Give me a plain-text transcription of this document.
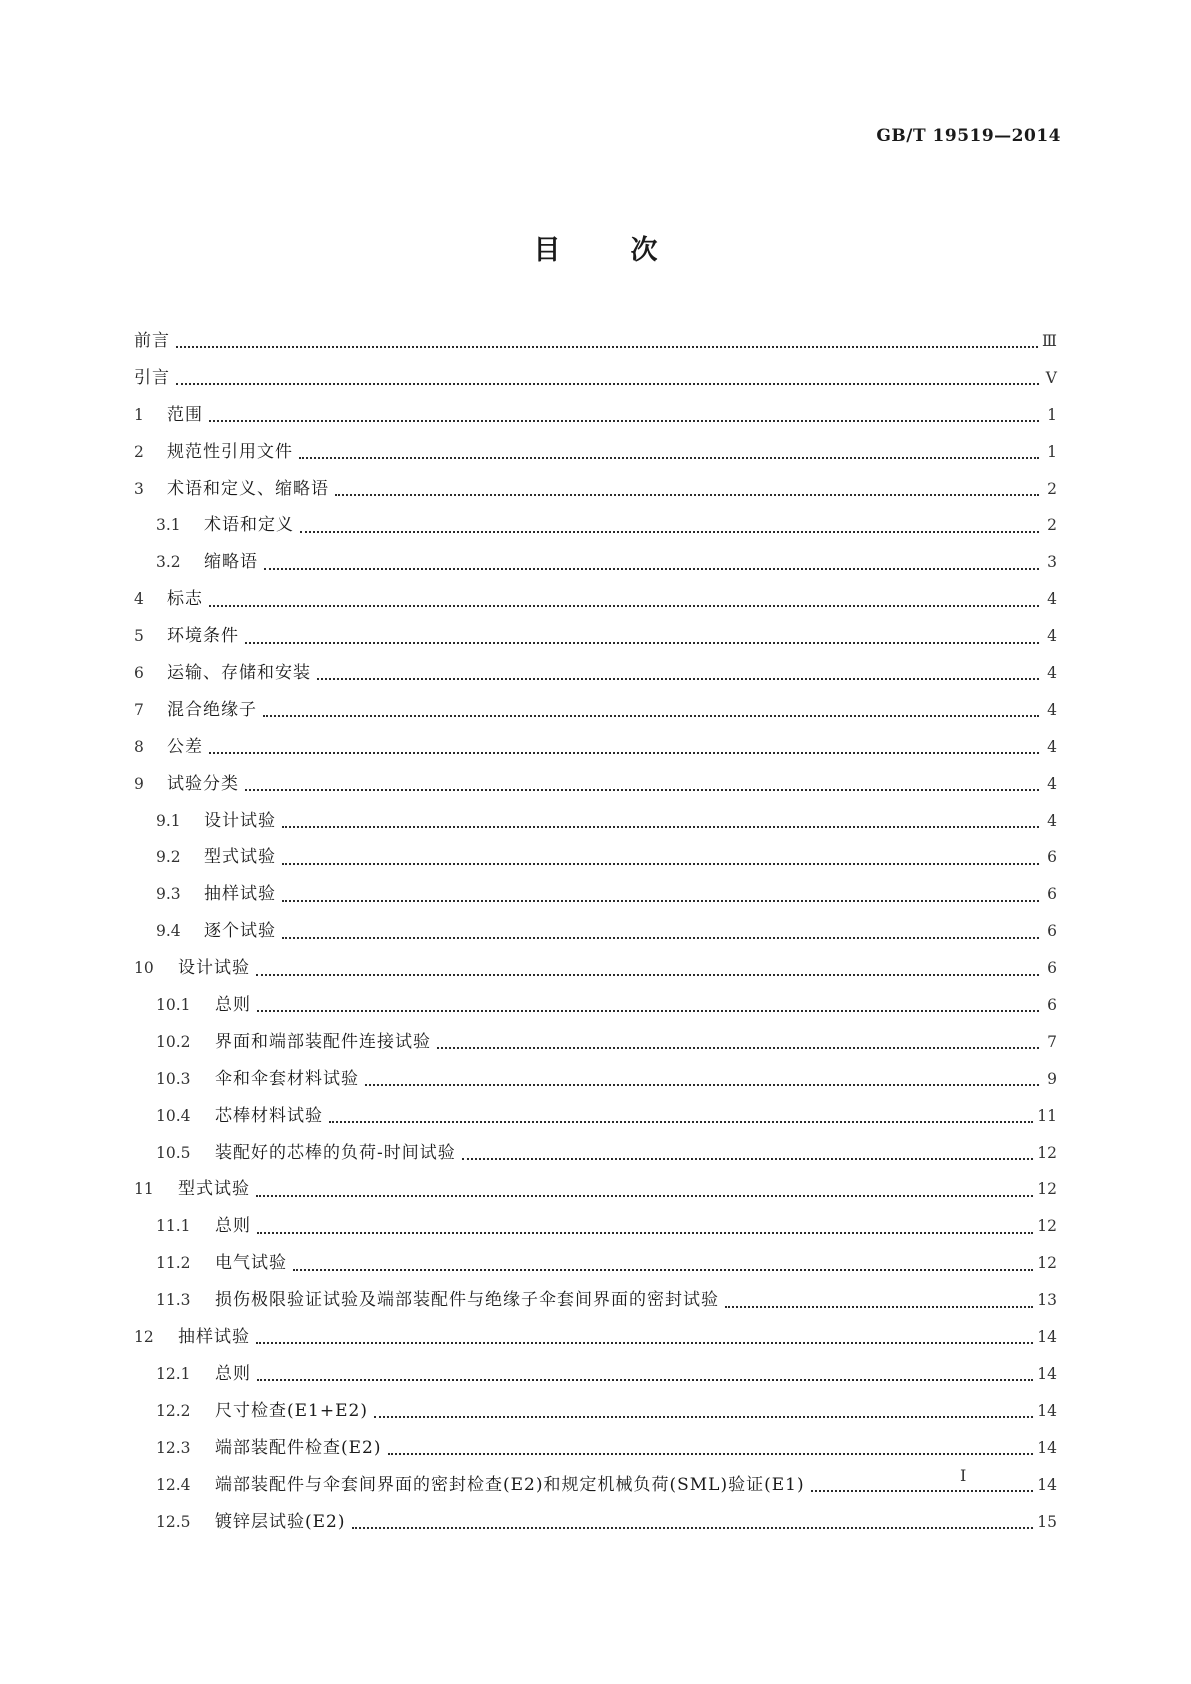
GB/T 19519—2014
目次
前言	Ⅲ
引言	Ⅴ
1	范围	1
2	规范性引用文件	1
3	术语和定义、缩略语	2
3.1	术语和定义	2
3.2	缩略语	3
4	标志	4
5	环境条件	4
6	运输、存储和安装	4
7	混合绝缘子	4
8	公差	4
9	试验分类	4
9.1	设计试验	4
9.2	型式试验	6
9.3	抽样试验	6
9.4	逐个试验	6
10	设计试验	6
10.1	总则	6
10.2	界面和端部装配件连接试验	7
10.3	伞和伞套材料试验	9
10.4	芯棒材料试验	11
10.5	装配好的芯棒的负荷-时间试验	12
11	型式试验	12
11.1	总则	12
11.2	电气试验	12
11.3	损伤极限验证试验及端部装配件与绝缘子伞套间界面的密封试验	13
12	抽样试验	14
12.1	总则	14
12.2	尺寸检查(E1+E2)	14
12.3	端部装配件检查(E2)	14
12.4	端部装配件与伞套间界面的密封检查(E2)和规定机械负荷(SML)验证(E1)	14
12.5	镀锌层试验(E2)	15
I
